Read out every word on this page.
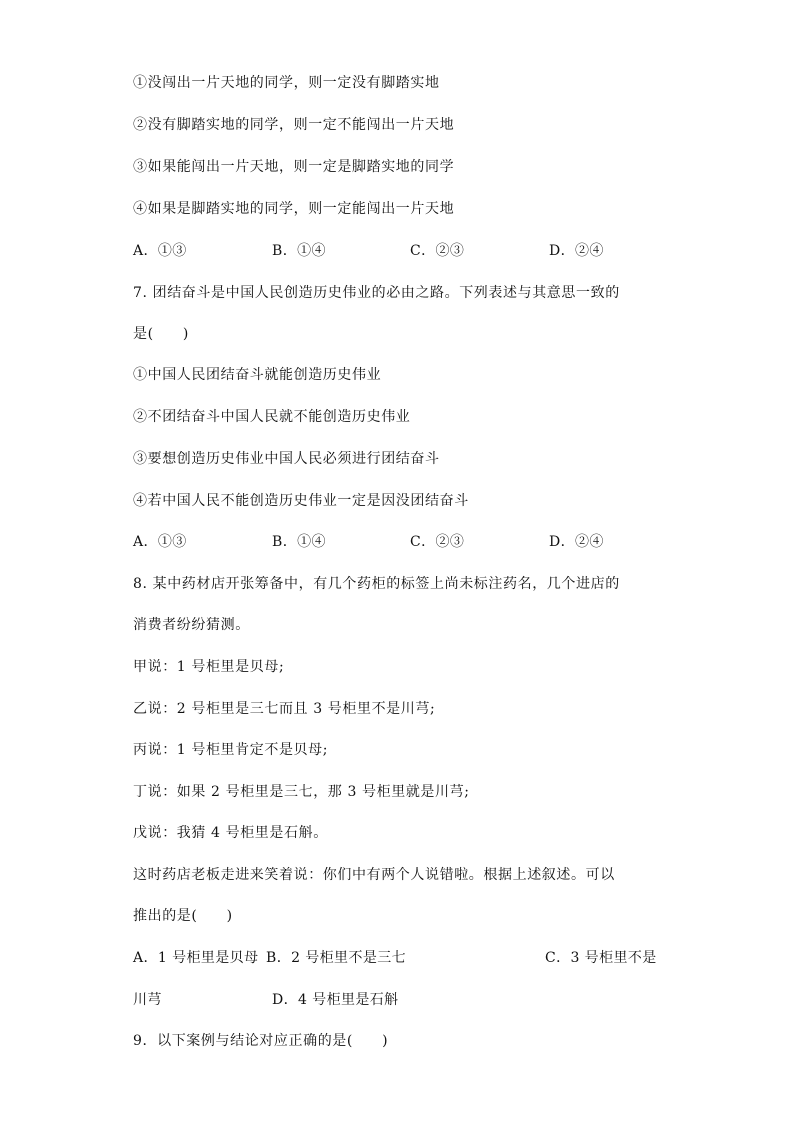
①没闯出一片天地的同学，则一定没有脚踏实地
②没有脚踏实地的同学，则一定不能闯出一片天地
③如果能闯出一片天地，则一定是脚踏实地的同学
④如果是脚踏实地的同学，则一定能闯出一片天地
A．①③	B．①④	C．②③	D．②④
7. 团结奋斗是中国人民创造历史伟业的必由之路。下列表述与其意思一致的
是(　　)
①中国人民团结奋斗就能创造历史伟业
②不团结奋斗中国人民就不能创造历史伟业
③要想创造历史伟业中国人民必须进行团结奋斗
④若中国人民不能创造历史伟业一定是因没团结奋斗
A．①③	B．①④	C．②③	D．②④
8. 某中药材店开张筹备中，有几个药柜的标签上尚未标注药名，几个进店的
消费者纷纷猜测。
甲说：1 号柜里是贝母;
乙说：2 号柜里是三七而且 3 号柜里不是川芎;
丙说：1 号柜里肯定不是贝母;
丁说：如果 2 号柜里是三七，那 3 号柜里就是川芎;
戊说：我猜 4 号柜里是石斛。
这时药店老板走进来笑着说：你们中有两个人说错啦。根据上述叙述。可以
推出的是(　　)
A．1 号柜里是贝母 B．2 号柜里不是三七	C．3 号柜里不是
川芎	D．4 号柜里是石斛
9．以下案例与结论对应正确的是(　　)
